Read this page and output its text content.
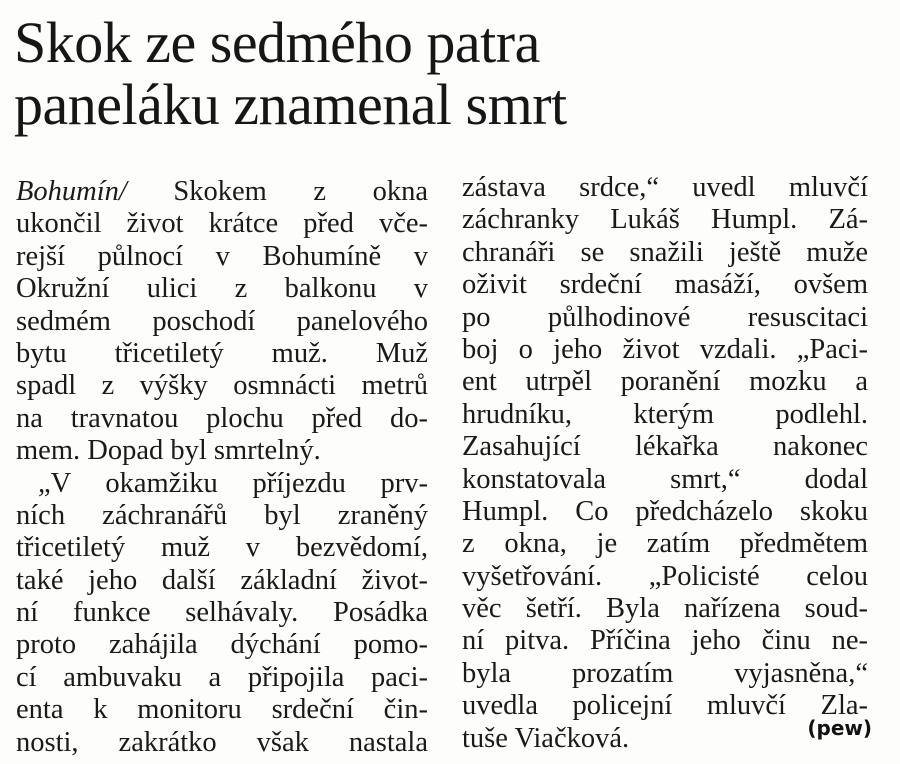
Skok ze sedmého patra
paneláku znamenal smrt
Bohumín/ Skokem z okna
ukončil život krátce před vče-
rejší půlnocí v Bohumíně v
Okružní ulici z balkonu v
sedmém poschodí panelového
bytu třicetiletý muž. Muž
spadl z výšky osmnácti metrů
na travnatou plochu před do-
mem. Dopad byl smrtelný.
„V okamžiku příjezdu prv-
ních záchranářů byl zraněný
třicetiletý muž v bezvědomí,
také jeho další základní život-
ní funkce selhávaly. Posádka
proto zahájila dýchání pomo-
cí ambuvaku a připojila paci-
enta k monitoru srdeční čin-
nosti, zakrátko však nastala
zástava srdce,“ uvedl mluvčí
záchranky Lukáš Humpl. Zá-
chranáři se snažili ještě muže
oživit srdeční masáží, ovšem
po půlhodinové resuscitaci
boj o jeho život vzdali. „Paci-
ent utrpěl poranění mozku a
hrudníku, kterým podlehl.
Zasahující lékařka nakonec
konstatovala smrt,“ dodal
Humpl. Co předcházelo skoku
z okna, je zatím předmětem
vyšetřování. „Policisté celou
věc šetří. Byla nařízena soud-
ní pitva. Příčina jeho činu ne-
byla prozatím vyjasněna,“
uvedla policejní mluvčí Zla-
tuše Viačková.	(pew)
